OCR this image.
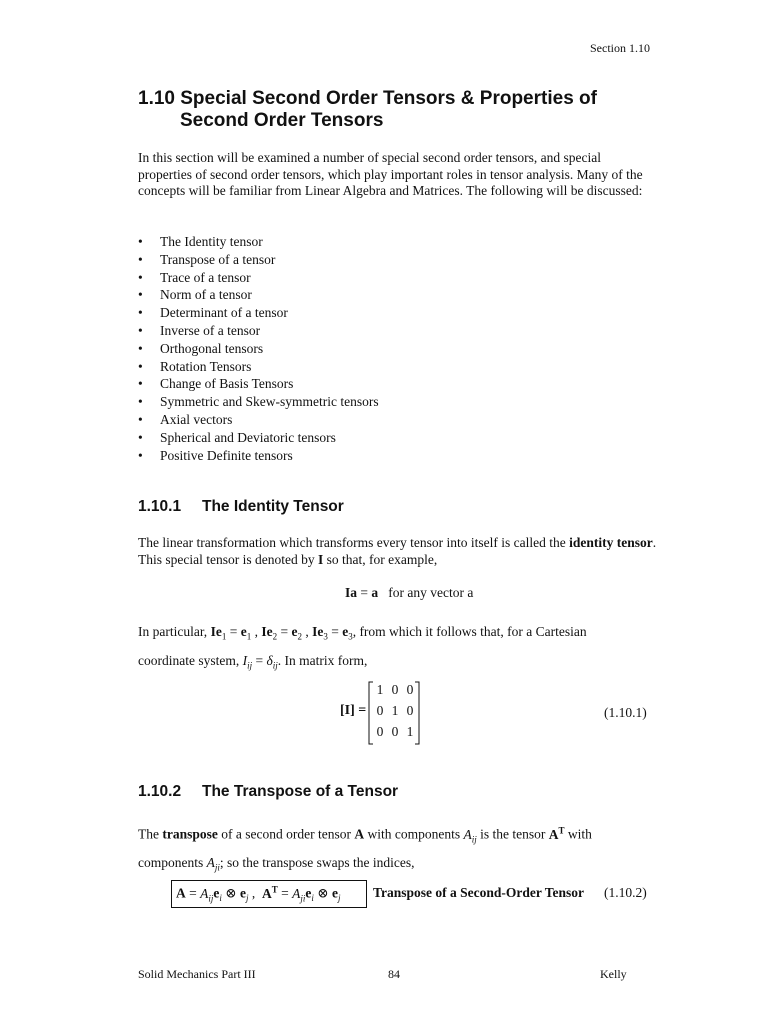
Section 1.10
1.10 Special Second Order Tensors & Properties of
Second Order Tensors
In this section will be examined a number of special second order tensors, and special properties of second order tensors, which play important roles in tensor analysis. Many of the concepts will be familiar from Linear Algebra and Matrices. The following will be discussed:
• The Identity tensor
• Transpose of a tensor
• Trace of a tensor
• Norm of a tensor
• Determinant of a tensor
• Inverse of a tensor
• Orthogonal tensors
• Rotation Tensors
• Change of Basis Tensors
• Symmetric and Skew-symmetric tensors
• Axial vectors
• Spherical and Deviatoric tensors
• Positive Definite tensors
1.10.1 The Identity Tensor
The linear transformation which transforms every tensor into itself is called the identity tensor. This special tensor is denoted by I so that, for example,
Ia = a for any vector a
In particular, $Ie_1 = e_1$ , $Ie_2 = e_2$ , $Ie_3 = e_3$, from which it follows that, for a Cartesian
coordinate system, $I_{ij} = \delta_{ij}$. In matrix form,
[I] =
1 0 0
0 1 0
0 0 1
(1.10.1)
1.10.2 The Transpose of a Tensor
The transpose of a second order tensor A with components $A_{ij}$ is the tensor $A^T$ with
components $A_{ji}$; so the transpose swaps the indices,
$A = A_{ij}e_i$ ⊗ $e_j$ ,  $A^T = A_{ji}e_i$ ⊗ $e_j$ Transpose of a Second-Order Tensor (1.10.2)
Solid Mechanics Part III	84	Kelly
